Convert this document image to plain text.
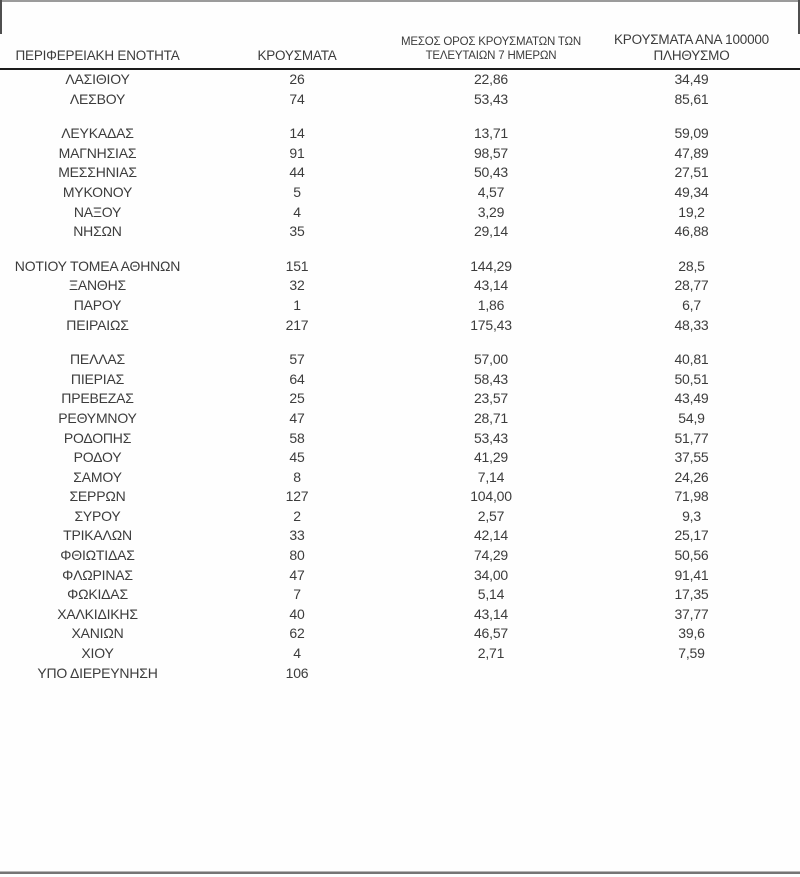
ΠΕΡΙΦΕΡΕΙΑΚΗ ΕΝΟΤΗΤΑ	ΚΡΟΥΣΜΑΤΑ	ΜΕΣΟΣ ΟΡΟΣ ΚΡΟΥΣΜΑΤΩΝ ΤΩΝ
ΤΕΛΕΥΤΑΙΩΝ 7 ΗΜΕΡΩΝ	ΚΡΟΥΣΜΑΤΑ ΑΝΑ 100000
ΠΛΗΘΥΣΜΟ
ΛΑΣΙΘΙΟΥ	26	22,86	34,49
ΛΕΣΒΟΥ	74	53,43	85,61

ΛΕΥΚΑΔΑΣ	14	13,71	59,09
ΜΑΓΝΗΣΙΑΣ	91	98,57	47,89
ΜΕΣΣΗΝΙΑΣ	44	50,43	27,51
ΜΥΚΟΝΟΥ	5	4,57	49,34
ΝΑΞΟΥ	4	3,29	19,2
ΝΗΣΩΝ	35	29,14	46,88

ΝΟΤΙΟΥ ΤΟΜΕΑ ΑΘΗΝΩΝ	151	144,29	28,5
ΞΑΝΘΗΣ	32	43,14	28,77
ΠΑΡΟΥ	1	1,86	6,7
ΠΕΙΡΑΙΩΣ	217	175,43	48,33

ΠΕΛΛΑΣ	57	57,00	40,81
ΠΙΕΡΙΑΣ	64	58,43	50,51
ΠΡΕΒΕΖΑΣ	25	23,57	43,49
ΡΕΘΥΜΝΟΥ	47	28,71	54,9
ΡΟΔΟΠΗΣ	58	53,43	51,77
ΡΟΔΟΥ	45	41,29	37,55
ΣΑΜΟΥ	8	7,14	24,26
ΣΕΡΡΩΝ	127	104,00	71,98
ΣΥΡΟΥ	2	2,57	9,3
ΤΡΙΚΑΛΩΝ	33	42,14	25,17
ΦΘΙΩΤΙΔΑΣ	80	74,29	50,56
ΦΛΩΡΙΝΑΣ	47	34,00	91,41
ΦΩΚΙΔΑΣ	7	5,14	17,35
ΧΑΛΚΙΔΙΚΗΣ	40	43,14	37,77
ΧΑΝΙΩΝ	62	46,57	39,6
ΧΙΟΥ	4	2,71	7,59
ΥΠΟ ΔΙΕΡΕΥΝΗΣΗ	106		
